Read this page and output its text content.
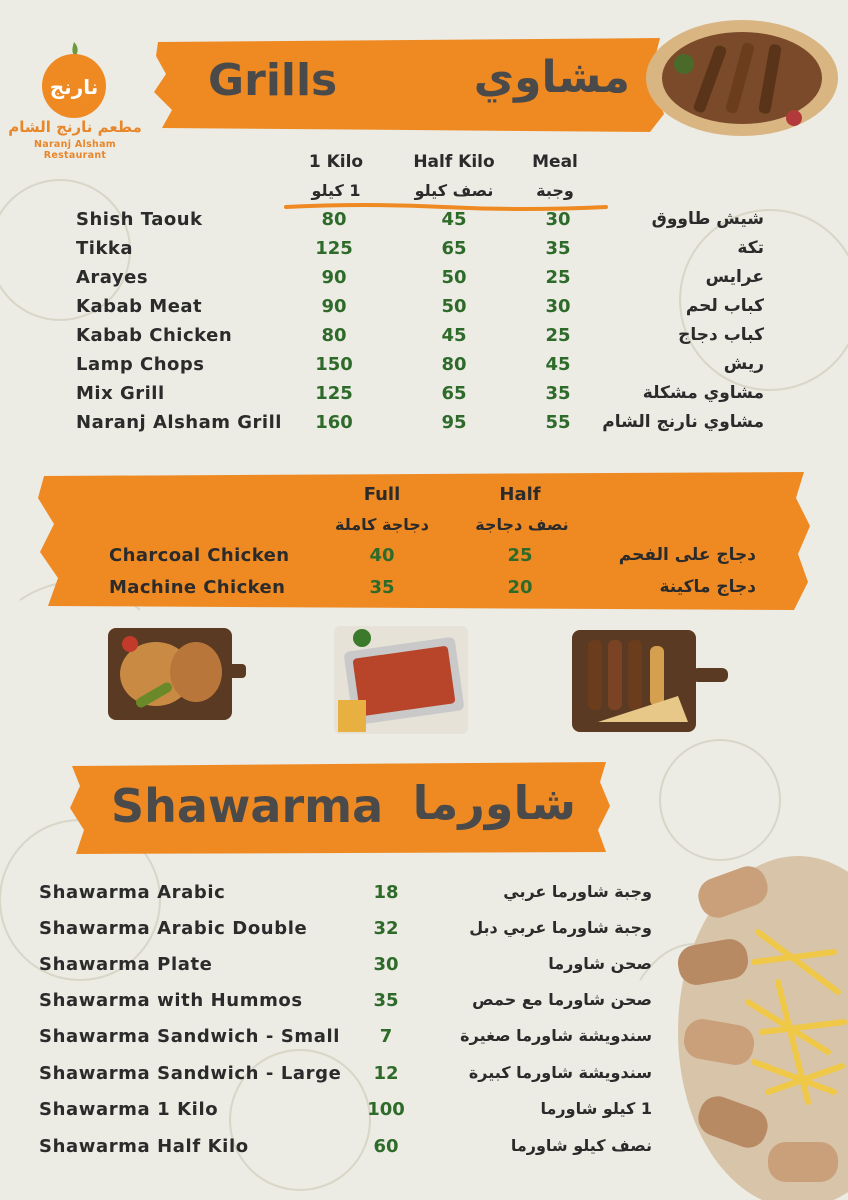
نارنج
مطعم نارنج الشام
Naranj Alsham Restaurant
Grills	مشاوي
1 Kilo	Half Kilo	Meal
1 كيلو	نصف كيلو	وجبة
Shish Taouk	80	45	30	شيش طاووق
Tikka	125	65	35	تكة
Arayes	90	50	25	عرايس
Kabab Meat	90	50	30	كباب لحم
Kabab Chicken	80	45	25	كباب دجاج
Lamp Chops	150	80	45	ريش
Mix Grill	125	65	35	مشاوي مشكلة
Naranj Alsham Grill	160	95	55	مشاوي نارنج الشام
Full	Half
دجاجة كاملة	نصف دجاجة
Charcoal Chicken	40	25	دجاج على الفحم
Machine Chicken	35	20	دجاج ماكينة
Shawarma شاورما
Shawarma Arabic	18	وجبة شاورما عربي
Shawarma Arabic Double	32	وجبة شاورما عربي دبل
Shawarma Plate	30	صحن شاورما
Shawarma with Hummos	35	صحن شاورما مع حمص
Shawarma Sandwich - Small	7	سندويشة شاورما صغيرة
Shawarma Sandwich - Large	12	سندويشة شاورما كبيرة
Shawarma 1 Kilo	100	1 كيلو شاورما
Shawarma Half Kilo	60	نصف كيلو شاورما
